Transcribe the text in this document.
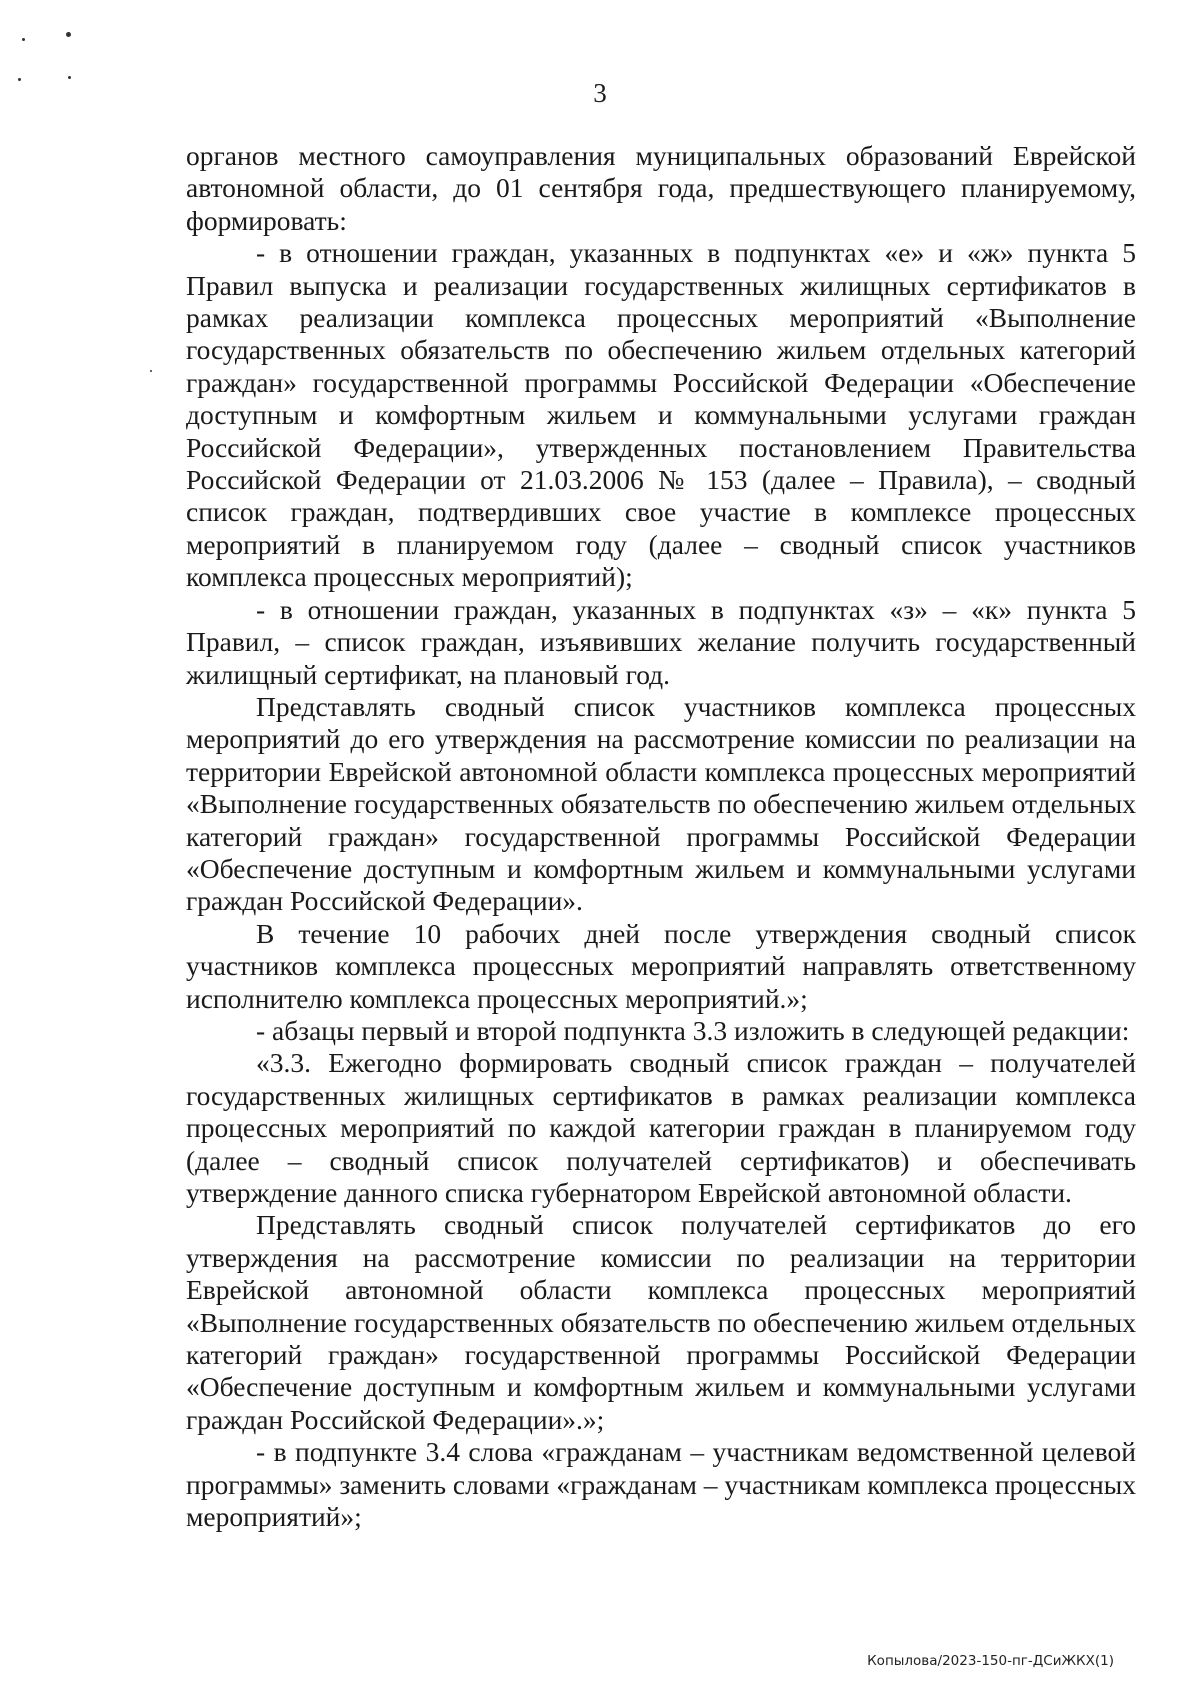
3

органов местного самоуправления муниципальных образований Еврейской автономной области, до 01 сентября года, предшествующего планируемому, формировать:

- в отношении граждан, указанных в подпунктах «е» и «ж» пункта 5 Правил выпуска и реализации государственных жилищных сертификатов в рамках реализации комплекса процессных мероприятий «Выполнение государственных обязательств по обеспечению жильем отдельных категорий граждан» государственной программы Российской Федерации «Обеспечение доступным и комфортным жильем и коммунальными услугами граждан Российской Федерации», утвержденных постановлением Правительства Российской Федерации от 21.03.2006 № 153 (далее – Правила), – сводный список граждан, подтвердивших свое участие в комплексе процессных мероприятий в планируемом году (далее – сводный список участников комплекса процессных мероприятий);

- в отношении граждан, указанных в подпунктах «з» – «к» пункта 5 Правил, – список граждан, изъявивших желание получить государственный жилищный сертификат, на плановый год.

Представлять сводный список участников комплекса процессных мероприятий до его утверждения на рассмотрение комиссии по реализации на территории Еврейской автономной области комплекса процессных мероприятий «Выполнение государственных обязательств по обеспечению жильем отдельных категорий граждан» государственной программы Российской Федерации «Обеспечение доступным и комфортным жильем и коммунальными услугами граждан Российской Федерации».

В течение 10 рабочих дней после утверждения сводный список участников комплекса процессных мероприятий направлять ответственному исполнителю комплекса процессных мероприятий.»;

- абзацы первый и второй подпункта 3.3 изложить в следующей редакции:

«3.3. Ежегодно формировать сводный список граждан – получателей государственных жилищных сертификатов в рамках реализации комплекса процессных мероприятий по каждой категории граждан в планируемом году (далее – сводный список получателей сертификатов) и обеспечивать утверждение данного списка губернатором Еврейской автономной области.

Представлять сводный список получателей сертификатов до его утверждения на рассмотрение комиссии по реализации на территории Еврейской автономной области комплекса процессных мероприятий «Выполнение государственных обязательств по обеспечению жильем отдельных категорий граждан» государственной программы Российской Федерации «Обеспечение доступным и комфортным жильем и коммунальными услугами граждан Российской Федерации».»;

- в подпункте 3.4 слова «гражданам – участникам ведомственной целевой программы» заменить словами «гражданам – участникам комплекса процессных мероприятий»;

Копылова/2023-150-пг-ДСиЖКХ(1)
